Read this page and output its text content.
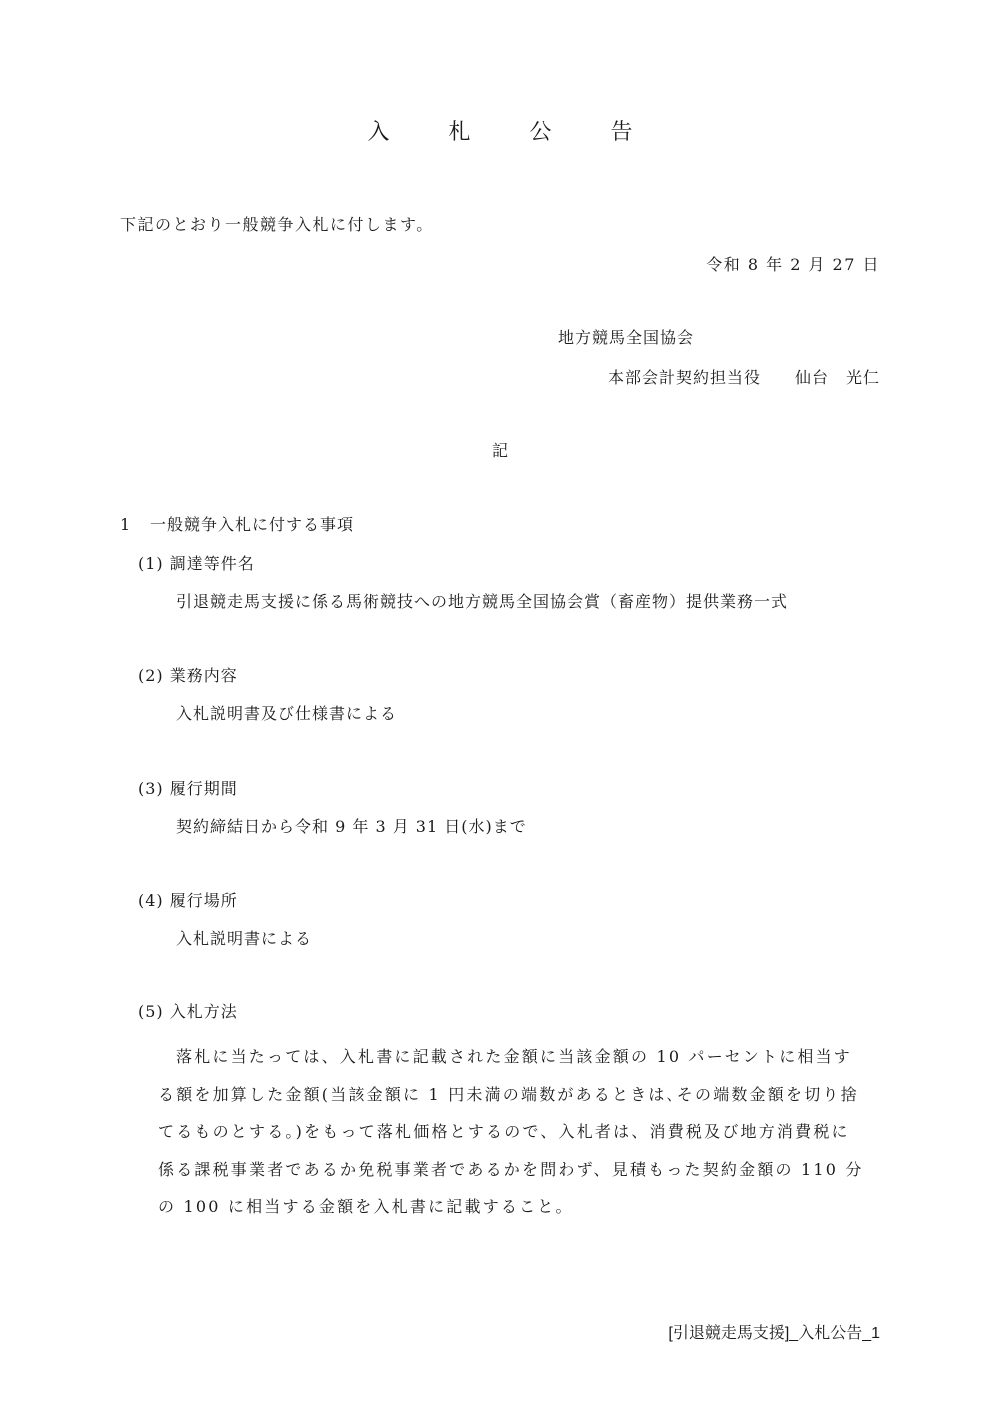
入 札 公 告
下記のとおり一般競争入札に付します。
令和 8 年 2 月 27 日
地方競馬全国協会
本部会計契約担当役　　仙台　光仁
記
1 一般競争入札に付する事項
(1) 調達等件名
引退競走馬支援に係る馬術競技への地方競馬全国協会賞（畜産物）提供業務一式
(2) 業務内容
入札説明書及び仕様書による
(3) 履行期間
契約締結日から令和 9 年 3 月 31 日(水)まで
(4) 履行場所
入札説明書による
(5) 入札方法
落札に当たっては、入札書に記載された金額に当該金額の 10 パーセントに相当す
る額を加算した金額(当該金額に 1 円未満の端数があるときは､その端数金額を切り捨
てるものとする。)をもって落札価格とするので、入札者は、消費税及び地方消費税に
係る課税事業者であるか免税事業者であるかを問わず、見積もった契約金額の 110 分
の 100 に相当する金額を入札書に記載すること。
[引退競走馬支援]_入札公告_1
